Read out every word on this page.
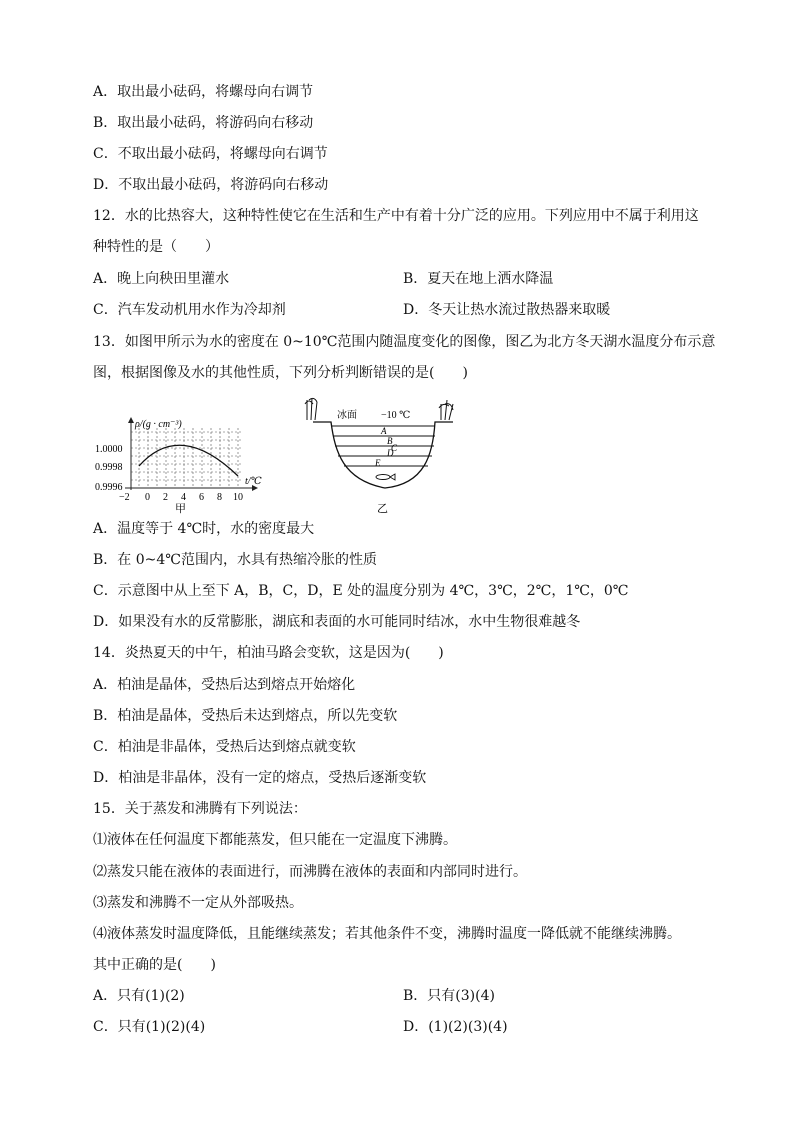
A．取出最小砝码，将螺母向右调节
B．取出最小砝码，将游码向右移动
C．不取出最小砝码，将螺母向右调节
D．不取出最小砝码，将游码向右移动
12．水的比热容大，这种特性使它在生活和生产中有着十分广泛的应用。下列应用中不属于利用这
种特性的是（　　）
A．晚上向秧田里灌水	B．夏天在地上洒水降温
C．汽车发动机用水作为冷却剂	D．冬天让热水流过散热器来取暖
13．如图甲所示为水的密度在 0~10℃范围内随温度变化的图像，图乙为北方冬天湖水温度分布示意
图，根据图像及水的其他性质，下列分析判断错误的是(　　)
ρ/(g · cm⁻³)
t/℃
1.0000
0.9998
0.9996
−2 0 2 4 6 8 10
甲
冰面 −10 ℃
A
B
C
D
E
乙
A．温度等于 4℃时，水的密度最大
B．在 0~4℃范围内，水具有热缩冷胀的性质
C．示意图中从上至下 A，B，C，D，E 处的温度分别为 4℃，3℃，2℃，1℃，0℃
D．如果没有水的反常膨胀，湖底和表面的水可能同时结冰，水中生物很难越冬
14．炎热夏天的中午，柏油马路会变软，这是因为(　　)
A．柏油是晶体，受热后达到熔点开始熔化
B．柏油是晶体，受热后未达到熔点，所以先变软
C．柏油是非晶体，受热后达到熔点就变软
D．柏油是非晶体，没有一定的熔点，受热后逐渐变软
15．关于蒸发和沸腾有下列说法：
⑴液体在任何温度下都能蒸发，但只能在一定温度下沸腾。
⑵蒸发只能在液体的表面进行，而沸腾在液体的表面和内部同时进行。
⑶蒸发和沸腾不一定从外部吸热。
⑷液体蒸发时温度降低，且能继续蒸发；若其他条件不变，沸腾时温度一降低就不能继续沸腾。
其中正确的是(　　)
A．只有(1)(2)	B．只有(3)(4)
C．只有(1)(2)(4)	D．(1)(2)(3)(4)
